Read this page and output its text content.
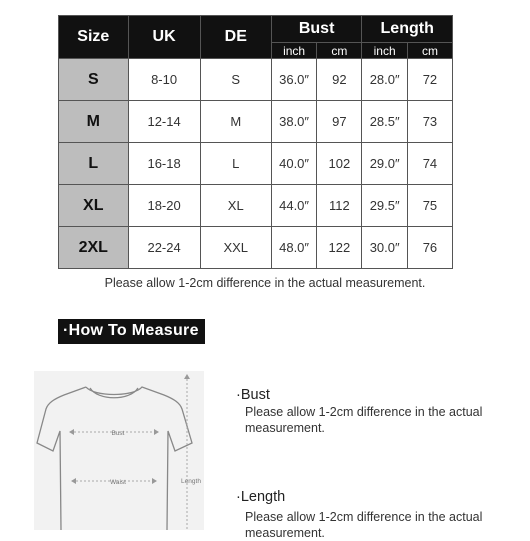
Size	UK	DE	Bust		Length	
			inch	cm	inch	cm
S	8-10	S	36.0″	92	28.0″	72
M	12-14	M	38.0″	97	28.5″	73
L	16-18	L	40.0″	102	29.0″	74
XL	18-20	XL	44.0″	112	29.5″	75
2XL	22-24	XXL	48.0″	122	30.0″	76
Please allow 1-2cm difference in the actual measurement.
·How To Measure
Bust
Waist	Length
·Bust
Please allow 1-2cm difference in the actual measurement.
·Length
Please allow 1-2cm difference in the actual measurement.
